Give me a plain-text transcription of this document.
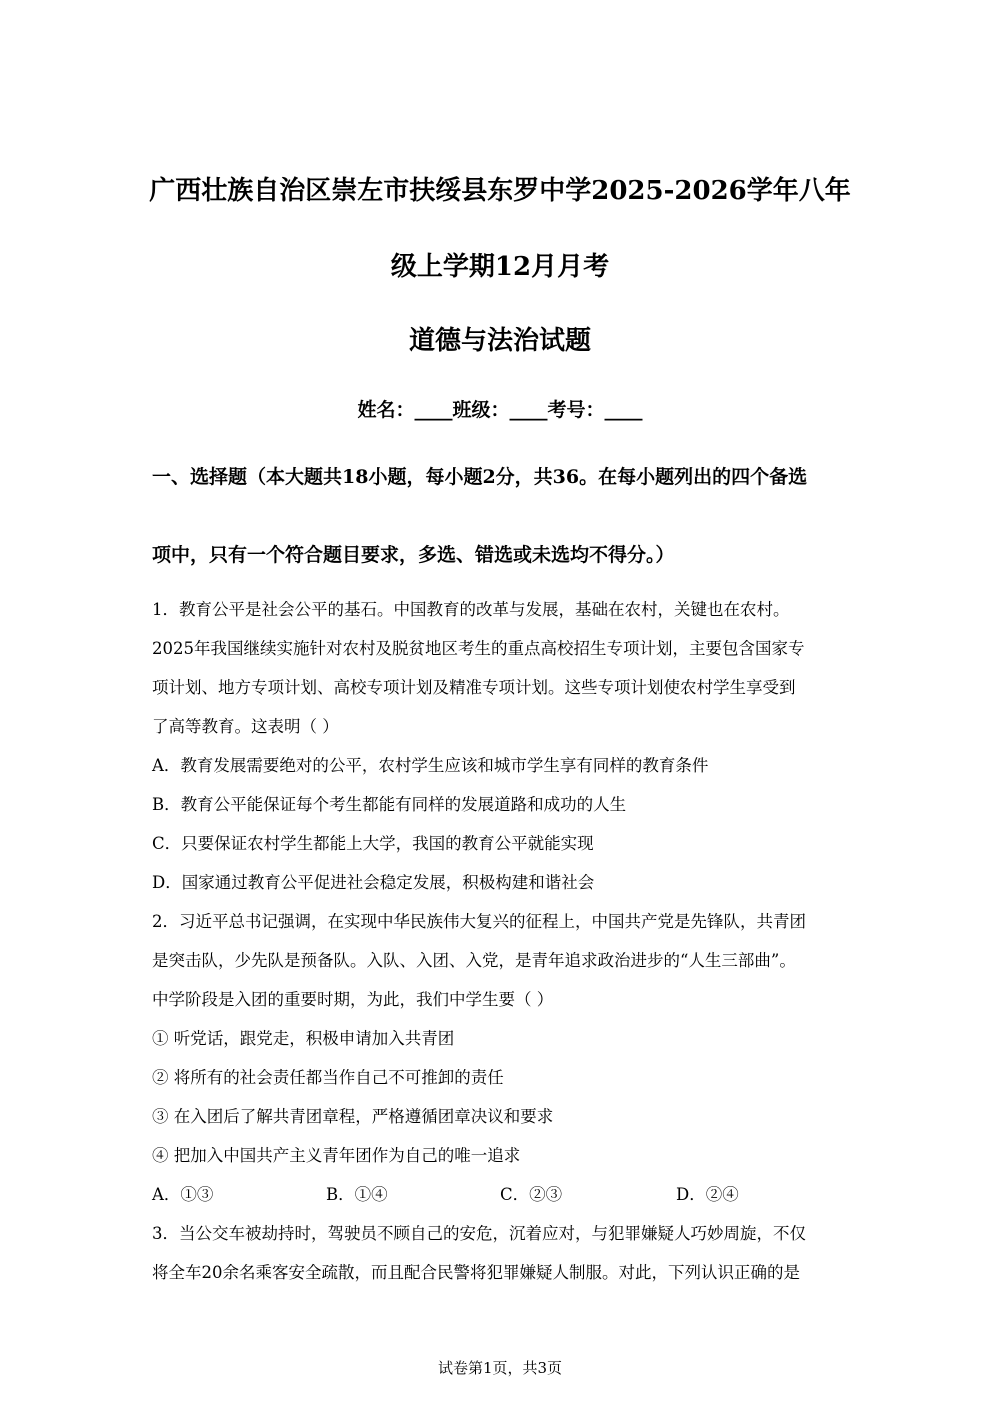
广西壮族自治区崇左市扶绥县东罗中学2025-2026学年八年
级上学期12月月考
道德与法治试题
姓名：____班级：____考号：____
一、选择题（本大题共18小题，每小题2分，共36。在每小题列出的四个备选
项中，只有一个符合题目要求，多选、错选或未选均不得分。）
1．教育公平是社会公平的基石。中国教育的改革与发展，基础在农村，关键也在农村。
2025年我国继续实施针对农村及脱贫地区考生的重点高校招生专项计划，主要包含国家专
项计划、地方专项计划、高校专项计划及精准专项计划。这些专项计划使农村学生享受到
了高等教育。这表明（ ）
A．教育发展需要绝对的公平，农村学生应该和城市学生享有同样的教育条件
B．教育公平能保证每个考生都能有同样的发展道路和成功的人生
C．只要保证农村学生都能上大学，我国的教育公平就能实现
D．国家通过教育公平促进社会稳定发展，积极构建和谐社会
2．习近平总书记强调，在实现中华民族伟大复兴的征程上，中国共产党是先锋队，共青团
是突击队，少先队是预备队。入队、入团、入党，是青年追求政治进步的“人生三部曲”。
中学阶段是入团的重要时期，为此，我们中学生要（ ）
① 听党话，跟党走，积极申请加入共青团
② 将所有的社会责任都当作自己不可推卸的责任
③ 在入团后了解共青团章程，严格遵循团章决议和要求
④ 把加入中国共产主义青年团作为自己的唯一追求
A．①③	B．①④	C．②③	D．②④
3．当公交车被劫持时，驾驶员不顾自己的安危，沉着应对，与犯罪嫌疑人巧妙周旋，不仅
将全车20余名乘客安全疏散，而且配合民警将犯罪嫌疑人制服。对此，下列认识正确的是
试卷第1页，共3页
